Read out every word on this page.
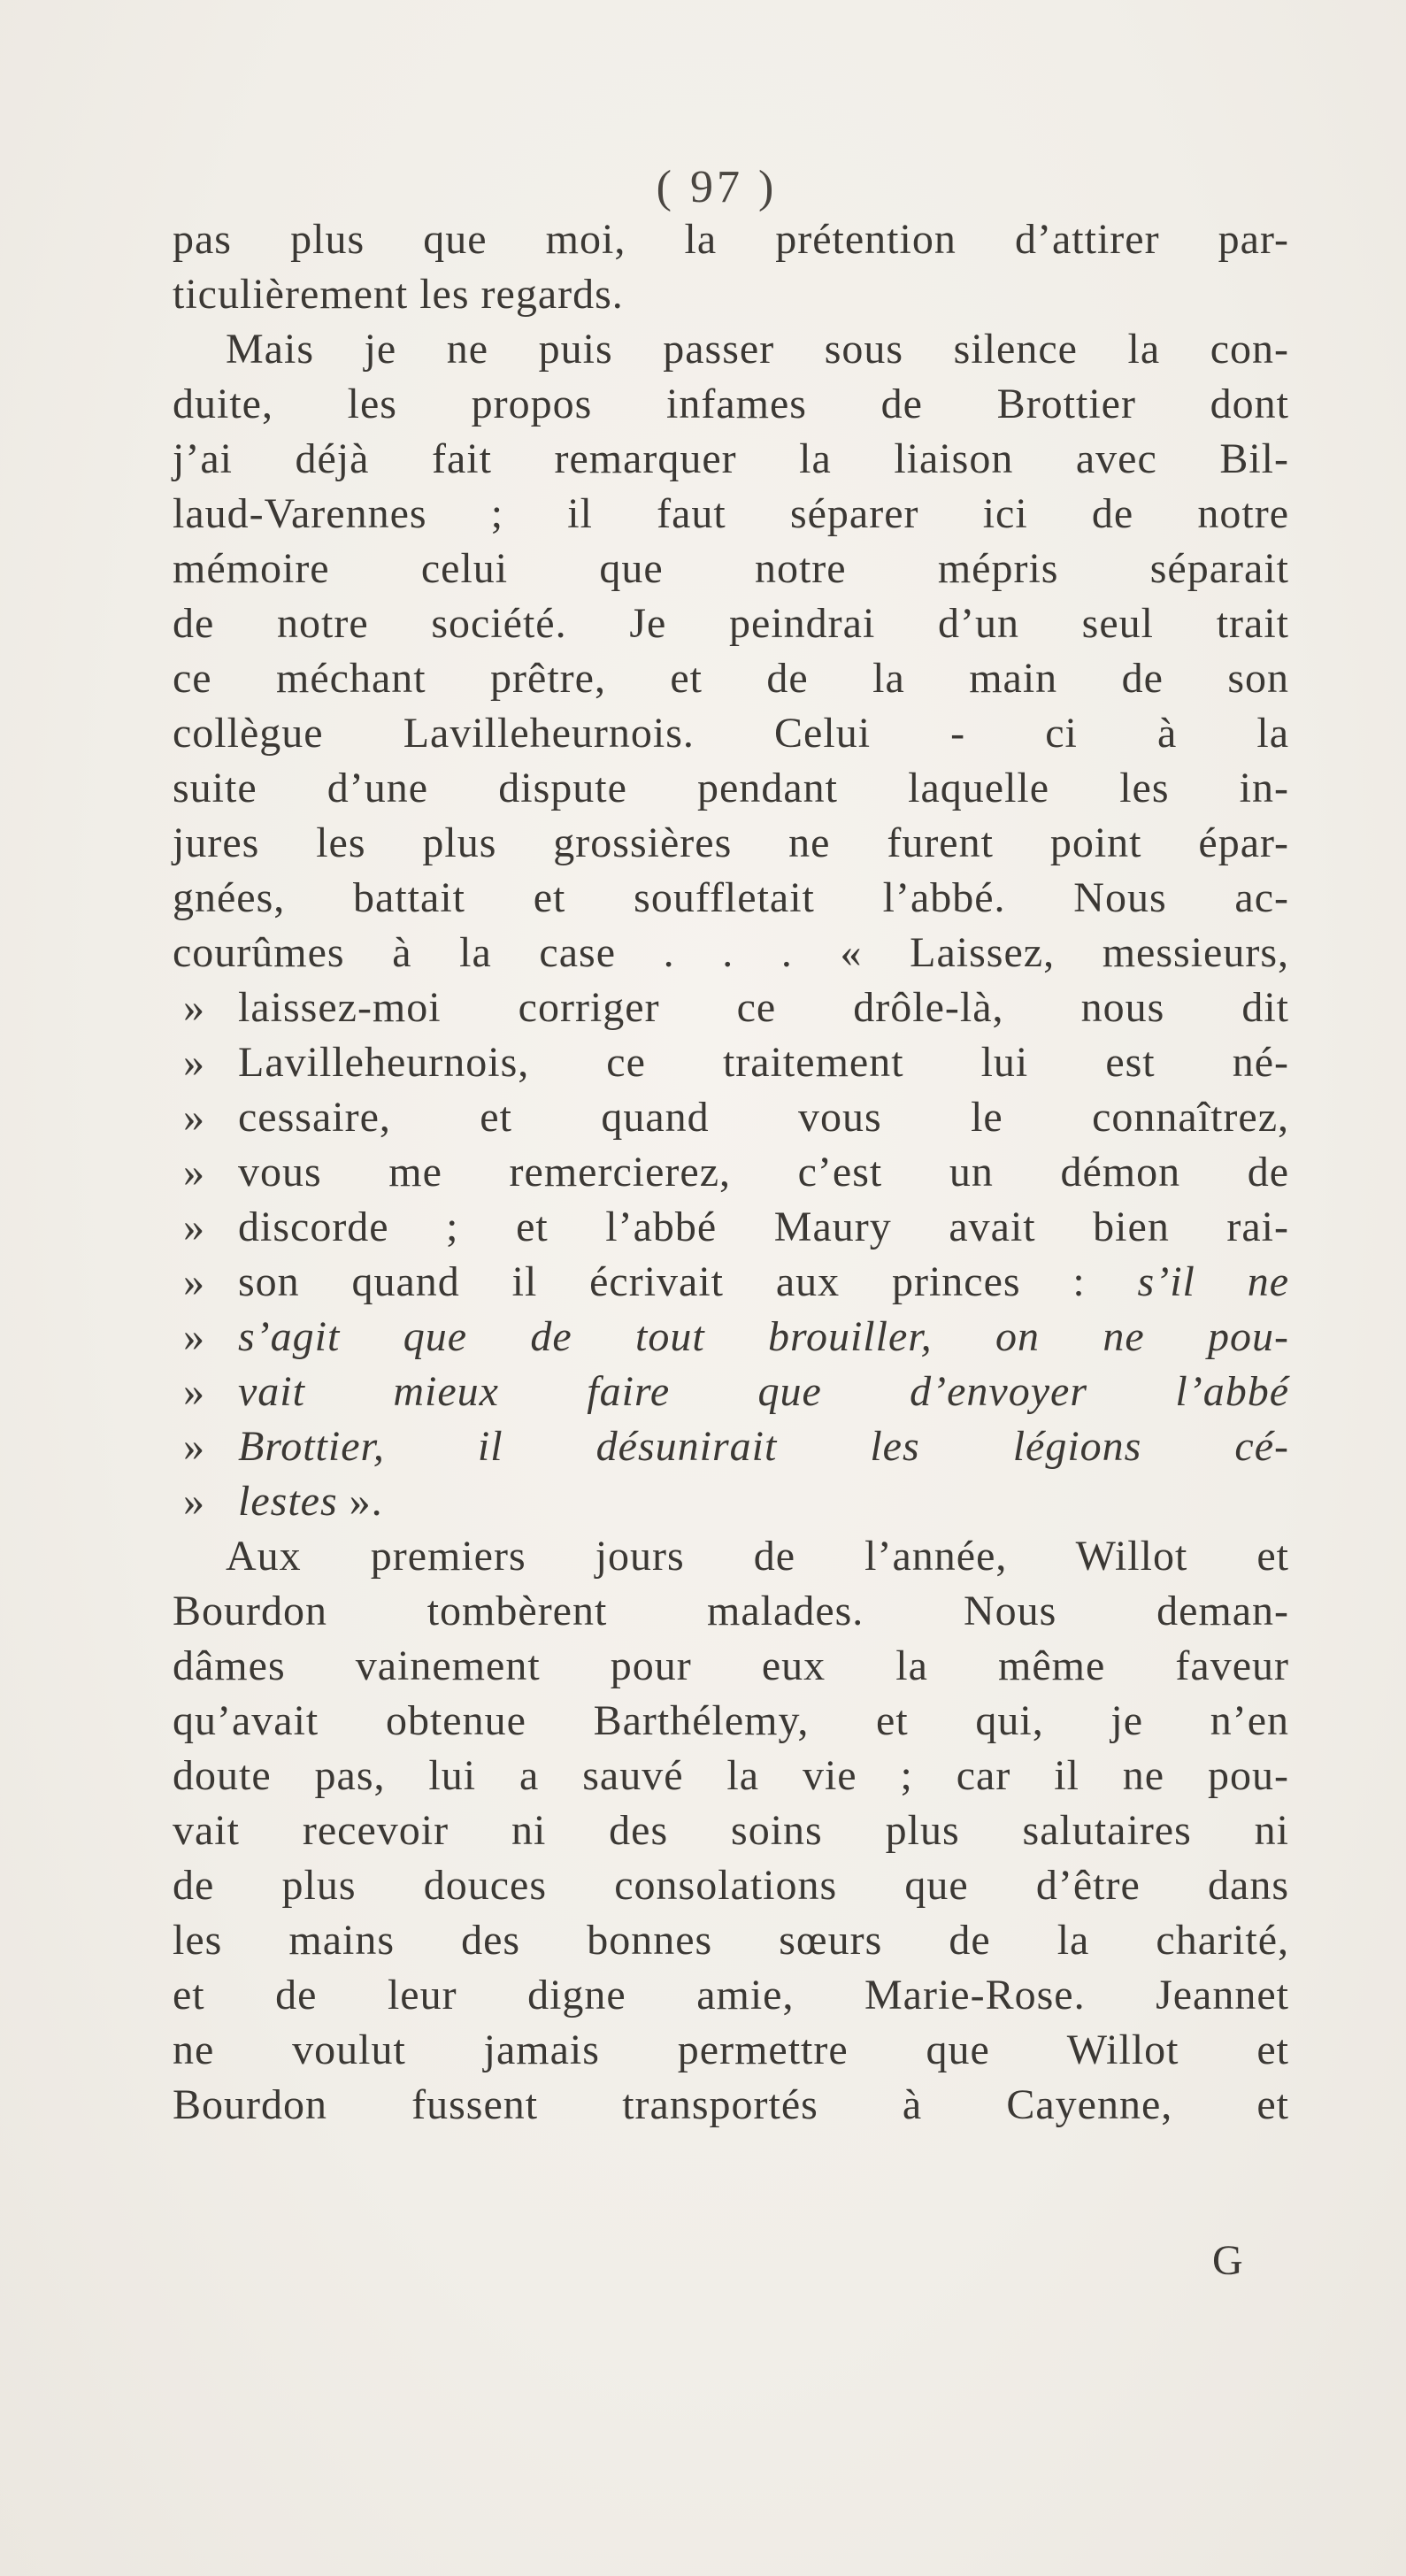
( 97 )
pas plus que moi, la prétention d’attirer par-
ticulièrement les regards.
Mais je ne puis passer sous silence la con-
duite, les propos infames de Brottier dont
j’ai déjà fait remarquer la liaison avec Bil-
laud-Varennes ; il faut séparer ici de notre
mémoire celui que notre mépris séparait
de notre société. Je peindrai d’un seul trait
ce méchant prêtre, et de la main de son
collègue Lavilleheurnois. Celui - ci à la
suite d’une dispute pendant laquelle les in-
jures les plus grossières ne furent point épar-
gnées, battait et souffletait l’abbé. Nous ac-
courûmes à la case . . . « Laissez, messieurs,
» laissez-moi corriger ce drôle-là, nous dit
» Lavilleheurnois, ce traitement lui est né-
» cessaire, et quand vous le connaîtrez,
» vous me remercierez, c’est un démon de
» discorde ; et l’abbé Maury avait bien rai-
» son quand il écrivait aux princes : s’il ne
» s’agit que de tout brouiller, on ne pou-
» vait mieux faire que d’envoyer l’abbé
» Brottier, il désunirait les légions cé-
» lestes ».
Aux premiers jours de l’année, Willot et
Bourdon tombèrent malades. Nous deman-
dâmes vainement pour eux la même faveur
qu’avait obtenue Barthélemy, et qui, je n’en
doute pas, lui a sauvé la vie ; car il ne pou-
vait recevoir ni des soins plus salutaires ni
de plus douces consolations que d’être dans
les mains des bonnes sœurs de la charité,
et de leur digne amie, Marie-Rose. Jeannet
ne voulut jamais permettre que Willot et
Bourdon fussent transportés à Cayenne, et
G
